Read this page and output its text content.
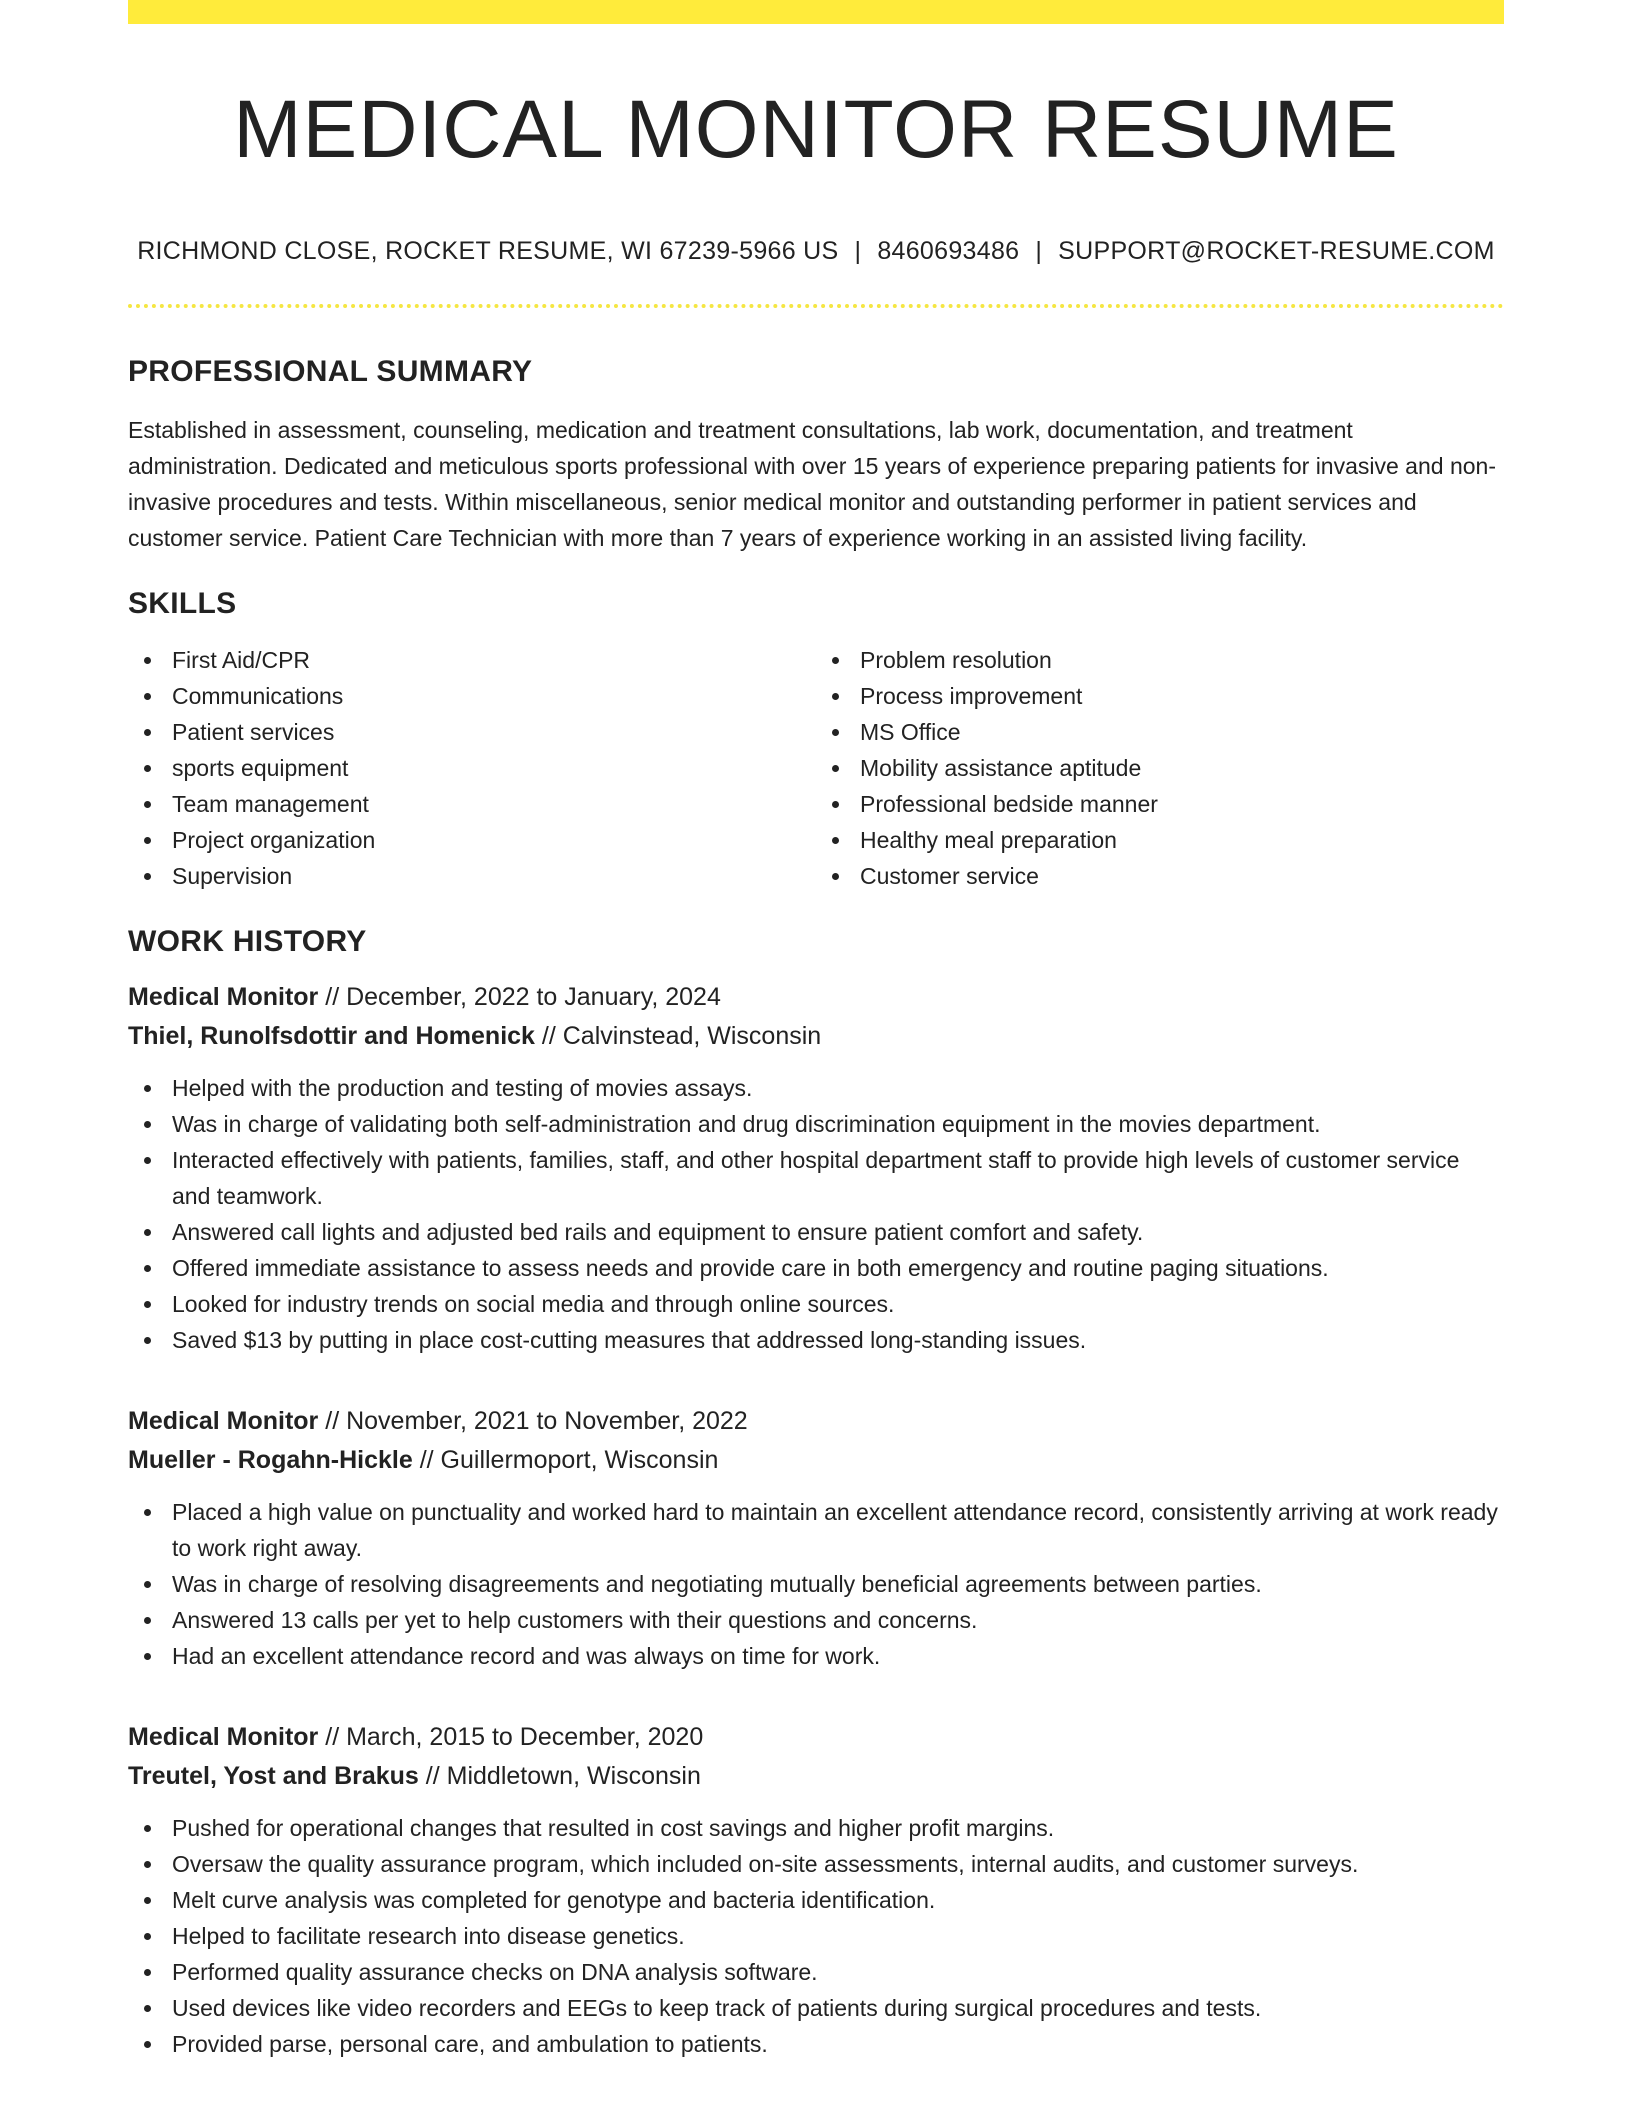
MEDICAL MONITOR RESUME
RICHMOND CLOSE, ROCKET RESUME, WI 67239-5966 US | 8460693486 | SUPPORT@ROCKET-RESUME.COM
PROFESSIONAL SUMMARY

Established in assessment, counseling, medication and treatment consultations, lab work, documentation, and treatment administration. Dedicated and meticulous sports professional with over 15 years of experience preparing patients for invasive and non-invasive procedures and tests. Within miscellaneous, senior medical monitor and outstanding performer in patient services and customer service. Patient Care Technician with more than 7 years of experience working in an assisted living facility.

SKILLS
First Aid/CPR
Communications
Patient services
sports equipment
Team management
Project organization
Supervision
Problem resolution
Process improvement
MS Office
Mobility assistance aptitude
Professional bedside manner
Healthy meal preparation
Customer service
WORK HISTORY
Medical Monitor // December, 2022 to January, 2024
Thiel, Runolfsdottir and Homenick // Calvinstead, Wisconsin
Helped with the production and testing of movies assays.
Was in charge of validating both self-administration and drug discrimination equipment in the movies department.
Interacted effectively with patients, families, staff, and other hospital department staff to provide high levels of customer service and teamwork.
Answered call lights and adjusted bed rails and equipment to ensure patient comfort and safety.
Offered immediate assistance to assess needs and provide care in both emergency and routine paging situations.
Looked for industry trends on social media and through online sources.
Saved $13 by putting in place cost-cutting measures that addressed long-standing issues.
Medical Monitor // November, 2021 to November, 2022
Mueller - Rogahn-Hickle // Guillermoport, Wisconsin
Placed a high value on punctuality and worked hard to maintain an excellent attendance record, consistently arriving at work ready to work right away.
Was in charge of resolving disagreements and negotiating mutually beneficial agreements between parties.
Answered 13 calls per yet to help customers with their questions and concerns.
Had an excellent attendance record and was always on time for work.
Medical Monitor // March, 2015 to December, 2020
Treutel, Yost and Brakus // Middletown, Wisconsin
Pushed for operational changes that resulted in cost savings and higher profit margins.
Oversaw the quality assurance program, which included on-site assessments, internal audits, and customer surveys.
Melt curve analysis was completed for genotype and bacteria identification.
Helped to facilitate research into disease genetics.
Performed quality assurance checks on DNA analysis software.
Used devices like video recorders and EEGs to keep track of patients during surgical procedures and tests.
Provided parse, personal care, and ambulation to patients.
